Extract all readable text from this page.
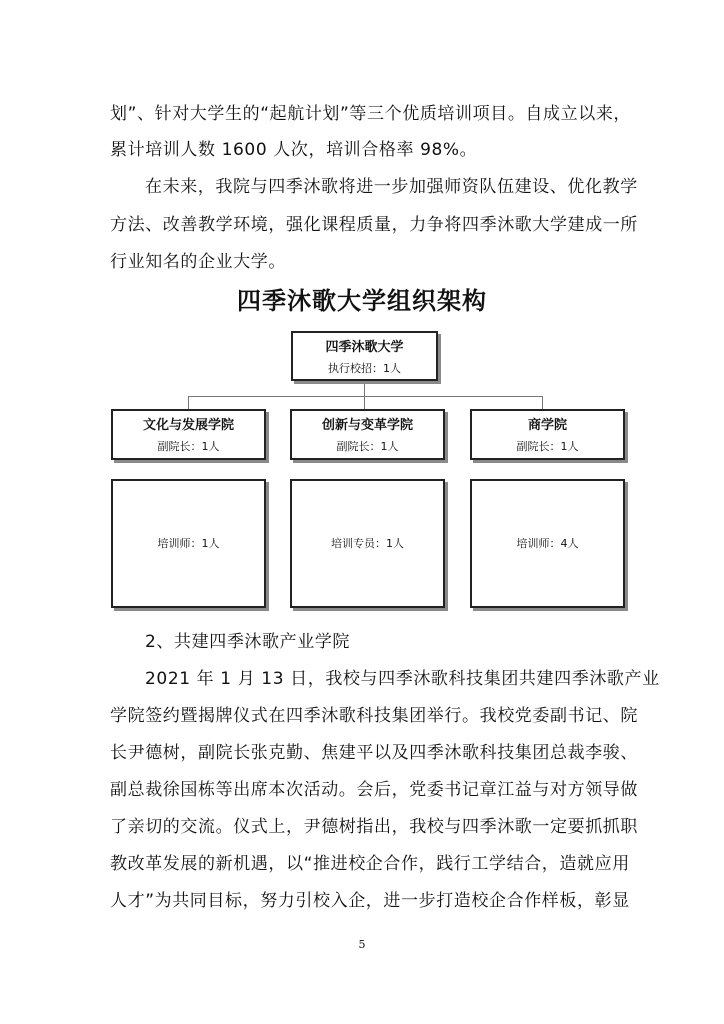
划”、针对大学生的“起航计划”等三个优质培训项目。自成立以来，
累计培训人数 1600 人次，培训合格率 98%。
在未来，我院与四季沐歌将进一步加强师资队伍建设、优化教学
方法、改善教学环境，强化课程质量，力争将四季沐歌大学建成一所
行业知名的企业大学。
四季沐歌大学组织架构
四季沐歌大学
执行校招：1人
文化与发展学院
副院长：1人
创新与变革学院
副院长：1人
商学院
副院长：1人
培训师：1人	培训专员：1人	培训师：4人
2、共建四季沐歌产业学院
2021 年 1 月 13 日，我校与四季沐歌科技集团共建四季沐歌产业
学院签约暨揭牌仪式在四季沐歌科技集团举行。我校党委副书记、院
长尹德树，副院长张克勤、焦建平以及四季沐歌科技集团总裁李骏、
副总裁徐国栋等出席本次活动。会后，党委书记章江益与对方领导做
了亲切的交流。仪式上，尹德树指出，我校与四季沐歌一定要抓抓职
教改革发展的新机遇，以“推进校企合作，践行工学结合，造就应用
人才”为共同目标，努力引校入企，进一步打造校企合作样板，彰显
5
